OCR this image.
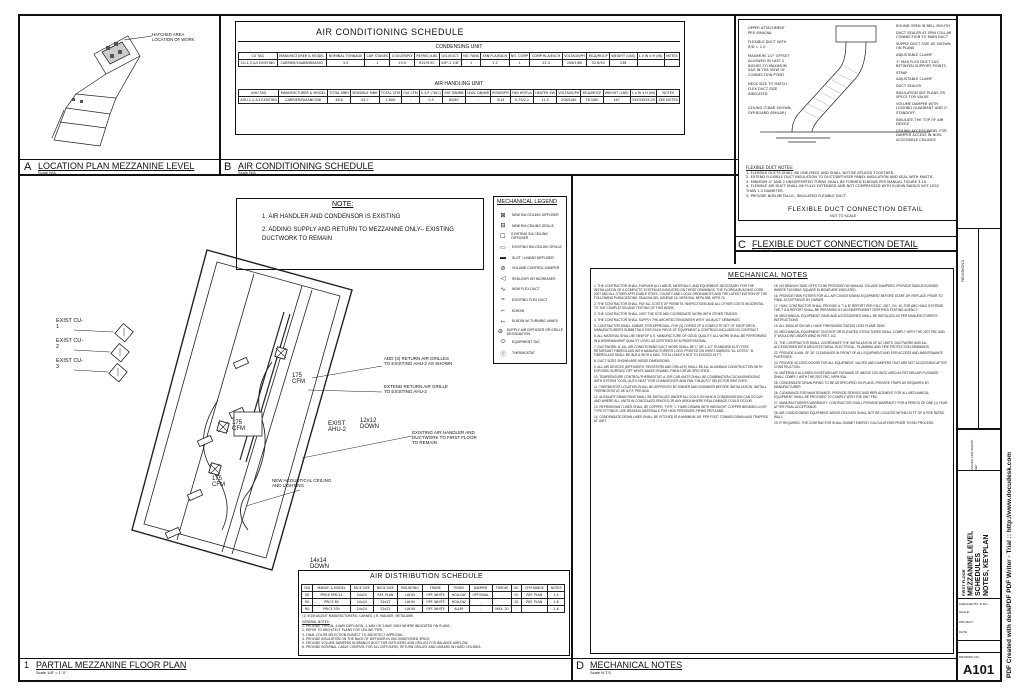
PDF Created with deskPDF PDF Writer - Trial :: http://www.docudesk.com
HATCHED AREA
LOCATION OF WORK
A LOCATION PLAN MEZZANINE LEVEL
Scale N/A
AIR CONDITIONING SCHEDULE
CONDENSING UNIT
CU TAG	MANUFACTURER & MODEL	NOMINAL TONNAGE	CAP. STAGES	COOLER/PLY	REFRIG./LBS	LIQ./SUCT.	NO. FANS	FAN FLA/EACH	NO. COMP	COMP RLA/EACH	VOLTAGE/PH	MCA/MOCP	WEIGHT (LBS)	L x W x H (IN)	NOTES
CU-1,2,&3 EXISTING	CARRIER/24ABB360A003	3.0	1	13.0	R22/9.50	3/8"-1 1/8"	1	1.2	1	25.3	208/1/60	32.6/50	238		
AIR HANDLING UNIT
AHU TAG	MANUFACTURER & MODEL	TOTAL MBH	SENSIBLE MBH	TOTAL CFM	O/A CFM	E.S.P ("W.C)	EAT DB/WB	LEAV. DB/WB	ROWS/FPI	FAN HP/FLA	HEATER KW	VOLTAGE/PH	MCA/MOCP	WEIGHT (LBS)	L x W x H (IN)	NOTES
AHU-1,2,&3 EXISTING	CARRIER/FA4ANC036	36.6	43.7	1,800	-	0.5	80/67	-	3/14	0.75/2.2	11.5	208/1/60	76.5/80	167	25X33X54.25	SEE NOTES
B AIR CONDITIONING SCHEDULE
Scale N/A
UPPER ATTACHMENT PER SMACNA
FLEXIBLE DUCT WITH R/D = 1.0
MAXIMUM 1/2" OFFSET ALLOWED IN LAST 2 INCHES TO MAXIMUM SAG IN THE VIEW OF CONNECTION POINT
NECK SIZE TO MATCH FLEX DUCT SIZE INDICATED
CEILING (T-BAR SHOWN, GYP-BOARD SIMILAR)
ROUND OPEN IN BELL MOUTH
DUCT SEALER AT SPIN COLLAR CONNECTION TO MAIN DUCT
SUPPLY DUCT SIZE AS SHOWN ON PLANS
ADJUSTABLE CLAMP
1" MAX FLEX DUCT SAG BETWEEN SUPPORT POINTS
STRAP
ADJUSTABLE CLAMP
DUCT SEALER
INSULATION SEE PLANS OR SPECS FOR VALUE
VOLUME DAMPER WITH LOCKING QUADRANT AND 2" STANDOFF
INSULATE THE TOP OF AIR DEVICE
CEILING ACCESS PANEL FOR DAMPER ACCESS IN NON-ACCESSIBLE CEILINGS
FLEXIBLE DUCT NOTES:
1. FLEXIBLE DUCTS SHALL BE ONE-PIECE AND SHALL NOT BE SPLICED TOGETHER.
2. EXTEND FLEXIBLE DUCT INSULATION TO DUCT/DIFFUSER PANEL INSULATION AND SEAL WITH MASTIC.
3. MINIMUM 4" AND 2 UNSUPPORTED TURNS SHALL BE FORMED ELBOWS PER MANUAL FIGURE 3-10.
4. FLEXIBLE AIR DUCT SHALL BE FULLY EXTENDED AND NOT COMPRESSED WITH ELBOW RADIUS NOT LESS THAN 1.5 DIAMETER.
5. PROVIDE NON-METALLIC, INSULATED FLEXIBLE DUCT.
FLEXIBLE DUCT CONNECTION DETAIL
NOT TO SCALE
C FLEXIBLE DUCT CONNECTION DETAIL
Scale N/A
REVISIONS
ISSUED FOR PERMIT SET
FIRST FLOOR MEZZANINE LEVEL SCHEDULES NOTES, KEYPLAN
CHECKED BY: B.M.L.
SCALE:
PROJECT:
DATE:
DRAWING NO.
A101
NOTE:
1. AIR HANDLER AND CONDENSOR IS EXISTING
2. ADDING SUPPLY AND RETURN TO MEZZANINE ONLY-- EXISTING DUCTWORK TO REMAIN
MECHANICAL LEGEND
⊠	NEW S/A CEILING DIFFUSER
⊟	NEW R/A CEILING GRILLE
☐	EXISTING S/A CEILING DIFFUSER
▭	EXISTING R/A CEILING GRILLE
▬	SLOT / LINEAR DIFFUSER
⊘	VOLUME CONTROL DAMPER
◁	REDUCER OR INCREASER
∿	NEW FLEX DUCT
≈	EXISTING FLEX DUCT
⌐	ELBOW
⌙	ELBOW W/ TURNING VANES
⊖	SUPPLY AIR DIFFUSER OR GRILLE DESIGNATION
⬭	EQUIPMENT TAG
Ⓣ	THERMOSTAT
EXIST CU-1
EXIST CU-2
EXIST CU-3
175 CFM
175 CFM
175 CFM
EXIST AHU-2
ADD (3) RETURN AIR GRILLES TO EXISTING AHU-2 AS SHOWN
EXTEND RETURN AIR GRILLE TO EXISTING AHU-2
12x12 DOWN
14x14 DOWN
NEW ACOUSTICAL CEILING AND LIGHTING
EXISTING AIR HANDLER AND DUCTWORK TO FIRST FLOOR TO REMAIN
AIR DISTRIBUTION SCHEDULE
TAG	MANUF. & MODEL	FACE SIZE	NECK SIZE	MOUNTING	FRAME	FINISH	DAMPER	THROW	NC	CFM RANGE	NOTES
SD	PRICE SPD-24	24x24	REF. PLAN	LAY-IN	OPT. WHITE	HOLLOW	OPTIONAL	-	20	REF. PLAN	1-5
RG	PRICE 80	24x24	22x22	LAY-IN	OPT. WHITE	HOLLOW	-	-	20	REF. PLAN	1-6
RG	PRICE 530	24x24	22x22	LAY-IN	OPT. WHITE	ALUM	-	MAX. 20	-		1-6
(1) EQUIVALENT MANUFACTURERS: CARNES, J.R. WALKER, METALAIRE.
GENERAL NOTES:
1. PROVIDE TYPICAL 4-WAY DIFFUSION, 2-WAY OR 3-WAY ONLY WHERE INDICATED ON PLANS.
2. REFER TO ARCHITECT PLANS FOR CEILING TYPE.
3. FINAL COLOR SELECTION SUBJECT TO ARCHITECT APPROVAL.
4. PROVIDE INSULATION ON THE BACK OF DIFFUSER IN UNCONDITIONED SPACE.
5. PROVIDE VOLUME DAMPERS IN BRANCH DUCT FOR DIFFUSERS AND GRILLES FOR BALANCE AIRFLOW.
6. PROVIDE INTERNAL CABLE CONTROL FOR ALL DIFFUSERS, RETURN GRILLES AND LINEARS IN HARD CEILINGS.
1 PARTIAL MEZZANINE FLOOR PLAN
Scale 1/8" = 1'-0"
MECHANICAL NOTES

1. THE CONTRACTOR SHALL FURNISH ALL LABOR, MATERIALS, AND EQUIPMENT NECESSARY FOR THE INSTALLATION OF A COMPLETE SYSTEM AS INDICATED ON THESE DRAWINGS. THE FLORIDA BUILDING CODE 2007 AND ALL OTHER APPLICABLE STATE, COUNTY AND LOCAL ORDINANCES AND THE LATEST EDITION OF THE FOLLOWING PUBLICATIONS: SMACNA SEI, ASHRAE 15, NFPA 90A, NFPA 90B, NFPA 70.

2. THE CONTRACTOR SHALL PAY ALL COSTS OF PERMITS, INSPECTIONS AND ALL OTHER COSTS INCIDENTAL TO THE COMPLETION AND TESTING OF THIS WORK.

3. THE CONTRACTOR SHALL VISIT THE SITE AND COORDINATE WORK WITH OTHER TRADES.

4. THE CONTRACTOR SHALL SUPPLY THE ARCHITECT/ENGINEER WITH "AS-BUILT" DRAWINGS.

5. CONTRACTOR SHALL SUBMIT, FOR APPROVAL, FIVE (5) COPIES OF A COMPLETE SET OF SHOP DRGS., MANUFACTURER'S SUBMITTALS FOR EACH PIECE OF EQUIPMENT & CONTROLS INCLUDED IN CONTRACT.

6. ALL MATERIAL SHALL BE NEW OF U.S. MANUFACTURE OF GOOD QUALITY. ALL WORK SHALL BE PERFORMED IN A WORKMANSHIP QUALITY LEVEL AS CERTIFIED BY A PROFESSIONAL.

7. DUCTWORK: A. ALL AIR CONDITIONING DUCT WORK SHALL BE 1" OR 1-1/2" STANDARD DUTY FIRE RETARDANT FIBERGLASS WITH MANUFACTURER'S LOGO PRINTED ON SHEET MARKED "UL LISTED". B. FIBERGLASS SHALL BE IN-R-6 WITH A MAX. TOTAL LENGTH NOT TO EXCEED 15 FT.

8. DUCT SIZES SHOWN ARE INSIDE DIMENSIONS.

9. ALL AIR DEVICES (DIFFUSERS, REGISTERS AND GRILLES) SHALL BE ALL ALUMINUM CONSTRUCTION WITH EXPOSED SURFACE OFF WHITE BAKED ENAMEL FINISH OR AS SPECIFIED.

10. TEMPERATURE CONTROL/THERMOSTAT: A. EIR CAR UNITS SHALL BE COMBINATION COOLING/HEATING WITH SYSTEM "COOL-AUTO-HEAT" FOR CHANGEOVER AND FAN "ON-AUTO" SELECTOR SWITCHES.

11. THERMOSTAT LOCATION SHALL BE APPROVED BY OWNER AND ENGINEER BEFORE INSTALLATION. INSTALL THERMOSTAT AT 48" A.F.F. PER ADA.

12. AUXILIARY DRAIN PANS SHALL BE INSTALLED UNDER ALL COILS ON WHICH CONDENSATION CAN OCCUR AND WHERE ALL UNITS IN CONCEALED SPACES OR ANY AREA WHERE REAL DAMAGE COULD OCCUR.

13. REFRIGERANT LINES SHALL BE COPPER, TYPE "L" HARD DRAWN WITH WROUGHT COPPER BENDING LIGHT TYPE FITTINGS, USE BRAZING MATERIALS FOR HIGH PRESSURE PIPING PER ASME.

14. CONDENSATE DRAIN LINES SHALL BE PITCHED AT A MINIMUM 1/8" PER FOOT TOWARD DRAIN AND TRAPPED AT UNIT.

15. NO BRANCH TAKE-OFFS TO BE PROVIDED W/ MANUAL VOLUME DAMPERS. PROVIDE RADIUS ELBOWS WHERE FLEXIBLE SQUARE ELBOWS ARE INDICATED.

16. PROVIDE NEW FILTERS FOR ALL AIR CONDITIONING EQUIPMENT BEFORE START-UP. REPLACE PRIOR TO FINAL ACCEPTANCE BY OWNER.

17. HVAC CONTRACTOR SHALL PROVIDE A "T & B" REPORT PER F.B.C. 2007, CH. 10, FOR ABC HVAC SYSTEMS. THE T & B REPORT SHALL BE PREPARED BY AN INDEPENDENT CERTIFIED TESTING AGENCY.

18. MECHANICAL EQUIPMENT, FANS AND ACCESSORIES SHALL BE INSTALLED AS PER MANUFACTURER'S INSTRUCTIONS.

19. ALL INSULATION WILL HAVE FIRE/SMOKE RATING LESS FLAME 25/50.

20. MECHANICAL EQUIPMENT ON ROOF OR ELEVATED STRUCTURES SHALL COMPLY WITH THE 2007 FBC AND IT WOULD BE UNDER WIND IN FEET 142.

21. THE CONTRACTOR SHALL COORDINATE THE INSTALLATION OF AC UNITS, DUCTWORK AND ALL ACCESSORIES WITH ARCHITECTURAL, ELECTRICAL, PLUMBING AND FIRE PROTECTION DRAWINGS.

22. PROVIDE A MIN. OF 30" CLEARANCE IN FRONT OF ALL EQUIPMENT AND FOR ACCESS AND MAINTENANCE PURPOSES.

23. PROVIDE ACCESS DOORS FOR ALL EQUIPMENT, VALVES AND DAMPERS THAT ARE NOT ACCESSIBLE AFTER CONSTRUCTION.

24. MATERIALS ALLOWED IN RETURN AIR PLENUMS OF ABOVE CEILINGS USED AS RETURN AIR PLENUMS SHALL COMPLY WITH THE 2007 FBC, NFPA 90A.

25. CONDENSATE DRAIN PIPING TO BE AS SPECIFIED ON PLANS. PROVIDE TRAPS AS REQUIRED BY MANUFACTURER.

26. CLEARANCE FOR MAINTENANCE: PROVIDE SERVICE AND REPLACEMENT FOR ALL MECHANICAL EQUIPMENT SHALL BE PROVIDED TO COMPLY WITH THE 2007 FBC.

27. MANUFACTURER'S WARRANTY: CONTRACTOR SHALL PROVIDE WARRANTY FOR A PERIOD OF ONE (1) YEAR AFTER FINAL ACCEPTANCE.

28. AIR CONDITIONING EQUIPMENT ABOVE CEILINGS SHALL NOT BE LOCATED WITHIN 10 FT OF A FIRE RATED WALL.

29. IF REQUIRED, THE CONTRACTOR SHALL SUBMIT ENERGY CALCULATIONS PRIOR TO BID PROCESS.

D MECHANICAL NOTES
Scale N.T.S
